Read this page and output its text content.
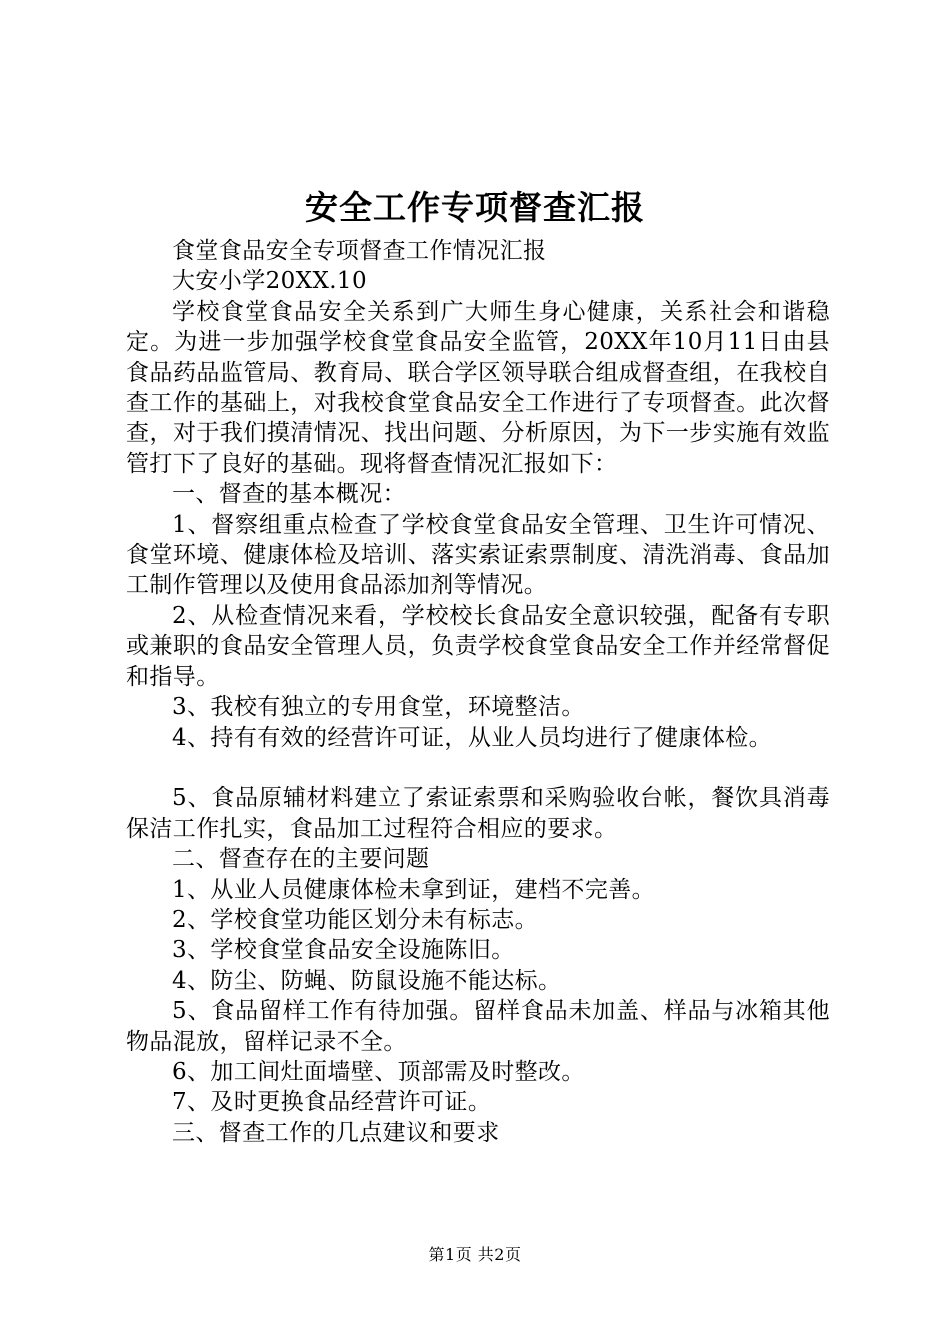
安全工作专项督查汇报

食堂食品安全专项督查工作情况汇报

大安小学20XX.10

学校食堂食品安全关系到广大师生身心健康，关系社会和谐稳定。为进一步加强学校食堂食品安全监管，20XX年10月11日由县食品药品监管局、教育局、联合学区领导联合组成督查组，在我校自查工作的基础上，对我校食堂食品安全工作进行了专项督查。此次督查，对于我们摸清情况、找出问题、分析原因，为下一步实施有效监管打下了良好的基础。现将督查情况汇报如下：

一、督查的基本概况：

1、督察组重点检查了学校食堂食品安全管理、卫生许可情况、食堂环境、健康体检及培训、落实索证索票制度、清洗消毒、食品加工制作管理以及使用食品添加剂等情况。

2、从检查情况来看，学校校长食品安全意识较强，配备有专职或兼职的食品安全管理人员，负责学校食堂食品安全工作并经常督促和指导。

3、我校有独立的专用食堂，环境整洁。

4、持有有效的经营许可证，从业人员均进行了健康体检。

5、食品原辅材料建立了索证索票和采购验收台帐，餐饮具消毒保洁工作扎实，食品加工过程符合相应的要求。

二、督查存在的主要问题

1、从业人员健康体检未拿到证，建档不完善。

2、学校食堂功能区划分未有标志。

3、学校食堂食品安全设施陈旧。

4、防尘、防蝇、防鼠设施不能达标。

5、食品留样工作有待加强。留样食品未加盖、样品与冰箱其他物品混放，留样记录不全。

6、加工间灶面墙壁、顶部需及时整改。

7、及时更换食品经营许可证。

三、督查工作的几点建议和要求

第1页 共2页
